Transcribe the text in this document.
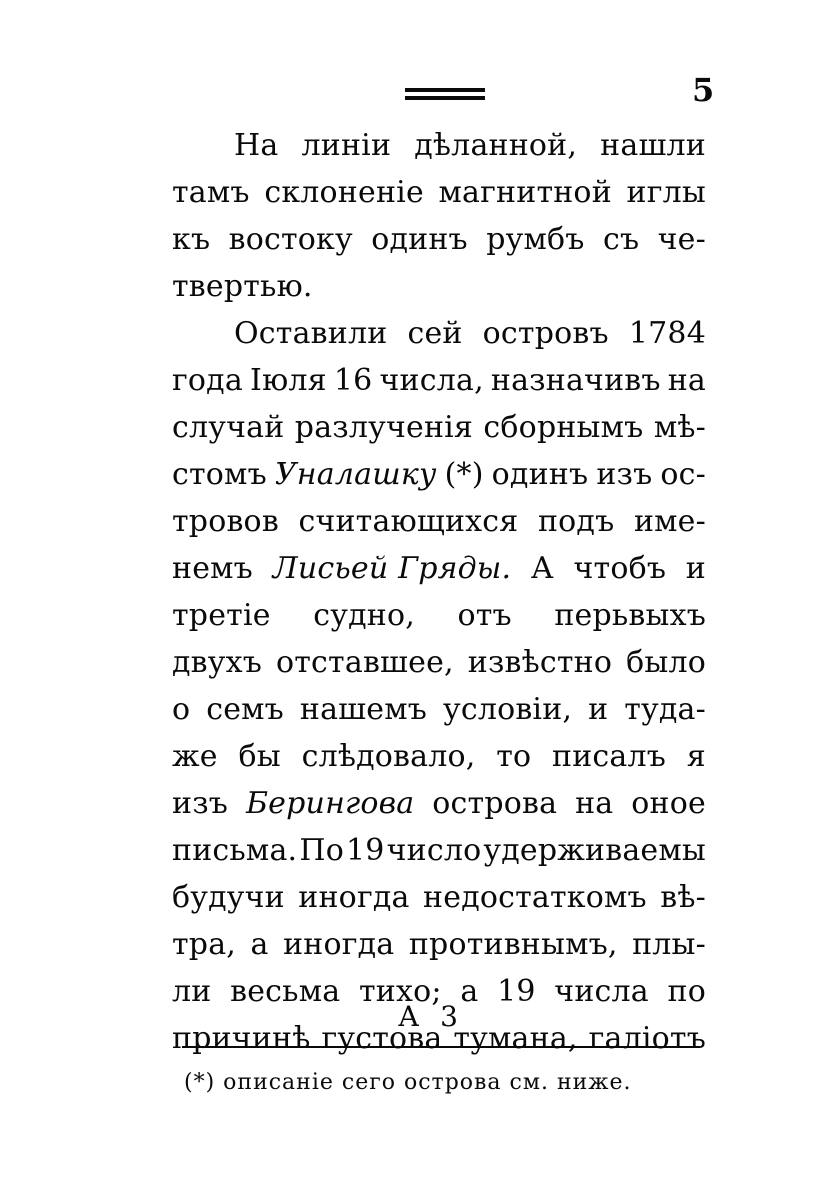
5
На линіи дѣланной, нашли
тамъ склоненіе магнитной иглы
къ востоку одинъ румбъ съ че-
твертью.
Оставили сей островъ 1784
года Іюля 16 числа, назначивъ на
случай разлученія сборнымъ мѣ-
стомъ Уналашку (*) одинъ изъ ос-
тровов считающихся подъ име-
немъ Лисьей Гряды. А чтобъ и
третіе судно, отъ перьвыхъ
двухъ отставшее, извѣстно было
о семъ нашемъ условіи, и туда-
же бы слѣдовало, то писалъ я
изъ Берингова острова на оное
письма. По 19 число удерживаемы
будучи иногда недостаткомъ вѣ-
тра, а иногда противнымъ, плы-
ли весьма тихо; а 19 числа по
причинѣ густова тумана, галіотъ
А 3
(*) описаніе сего острова см. ниже.
